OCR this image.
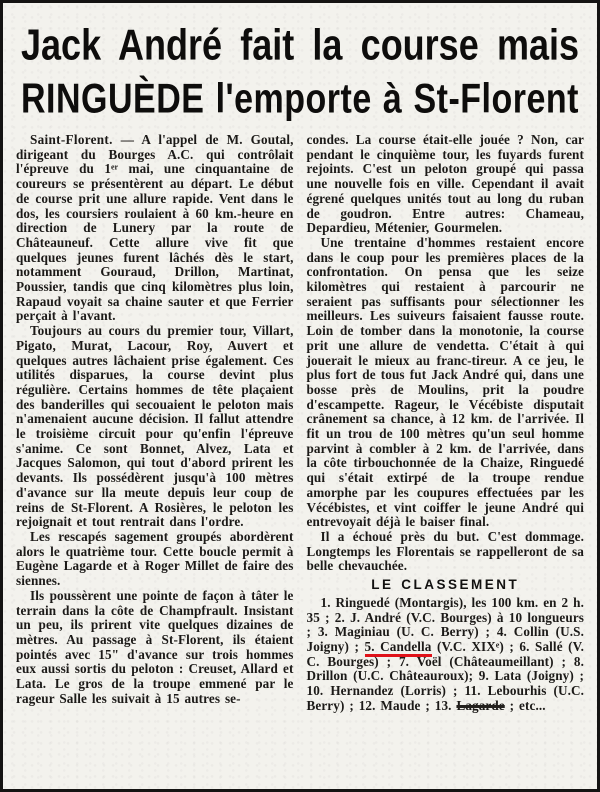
Jack André fait la course mais
RINGUÈDE l'emporte à St-Florent

Saint-Florent. — A l'appel de M. Goutal, dirigeant du Bourges A.C. qui contrôlait l'épreuve du 1ᵉʳ mai, une cinquantaine de coureurs se présentèrent au départ. Le début de course prit une allure rapide. Vent dans le dos, les coursiers roulaient à 60 km.-heure en direction de Lunery par la route de Châteauneuf. Cette allure vive fit que quelques jeunes furent lâchés dès le start, notamment Gouraud, Drillon, Martinat, Poussier, tandis que cinq kilomètres plus loin, Rapaud voyait sa chaine sauter et que Ferrier perçait à l'avant.

Toujours au cours du premier tour, Villart, Pigato, Murat, Lacour, Roy, Auvert et quelques autres lâchaient prise également. Ces utilités disparues, la course devint plus régulière. Certains hommes de tête plaçaient des banderilles qui secouaient le peloton mais n'amenaient aucune décision. Il fallut attendre le troisième circuit pour qu'enfin l'épreuve s'anime. Ce sont Bonnet, Alvez, Lata et Jacques Salomon, qui tout d'abord prirent les devants. Ils possédèrent jusqu'à 100 mètres d'avance sur lla meute depuis leur coup de reins de St-Florent. A Rosières, le peloton les rejoignait et tout rentrait dans l'ordre.

Les rescapés sagement groupés abordèrent alors le quatrième tour. Cette boucle permit à Eugène Lagarde et à Roger Millet de faire des siennes.

Ils poussèrent une pointe de façon à tâter le terrain dans la côte de Champfrault. Insistant un peu, ils prirent vite quelques dizaines de mètres. Au passage à St-Florent, ils étaient pointés avec 15" d'avance sur trois hommes eux aussi sortis du peloton : Creuset, Allard et Lata. Le gros de la troupe emmené par le rageur Salle les suivait à 15 autres se-

condes. La course était-elle jouée ? Non, car pendant le cinquième tour, les fuyards furent rejoints. C'est un peloton groupé qui passa une nouvelle fois en ville. Cependant il avait égrené quelques unités tout au long du ruban de goudron. Entre autres: Chameau, Depardieu, Métenier, Gourmelen.

Une trentaine d'hommes restaient encore dans le coup pour les premières places de la confrontation. On pensa que les seize kilomètres qui restaient à parcourir ne seraient pas suffisants pour sélectionner les meilleurs. Les suiveurs faisaient fausse route. Loin de tomber dans la monotonie, la course prit une allure de vendetta. C'était à qui jouerait le mieux au franc-tireur. A ce jeu, le plus fort de tous fut Jack André qui, dans une bosse près de Moulins, prit la poudre d'escampette. Rageur, le Vécébiste disputait crânement sa chance, à 12 km. de l'arrivée. Il fit un trou de 100 mètres qu'un seul homme parvint à combler à 2 km. de l'arrivée, dans la côte tirbouchonnée de la Chaize, Ringuedé qui s'était extirpé de la troupe rendue amorphe par les coupures effectuées par les Vécébistes, et vint coiffer le jeune André qui entrevoyait déjà le baiser final.

Il a échoué près du but. C'est dommage. Longtemps les Florentais se rappelleront de sa belle chevauchée.

LE CLASSEMENT

1. Ringuedé (Montargis), les 100 km. en 2 h. 35 ; 2. J. André (V.C. Bourges) à 10 longueurs ; 3. Maginiau (U. C. Berry) ; 4. Collin (U.S. Joigny) ; 5. Candella (V.C. XIXᵉ) ; 6. Sallé (V. C. Bourges) ; 7. Voël (Châteaumeillant) ; 8. Drillon (U.C. Châteauroux); 9. Lata (Joigny) ; 10. Hernandez (Lorris) ; 11. Lebourhis (U.C. Berry) ; 12. Maude ; 13. Lagarde ; etc...
